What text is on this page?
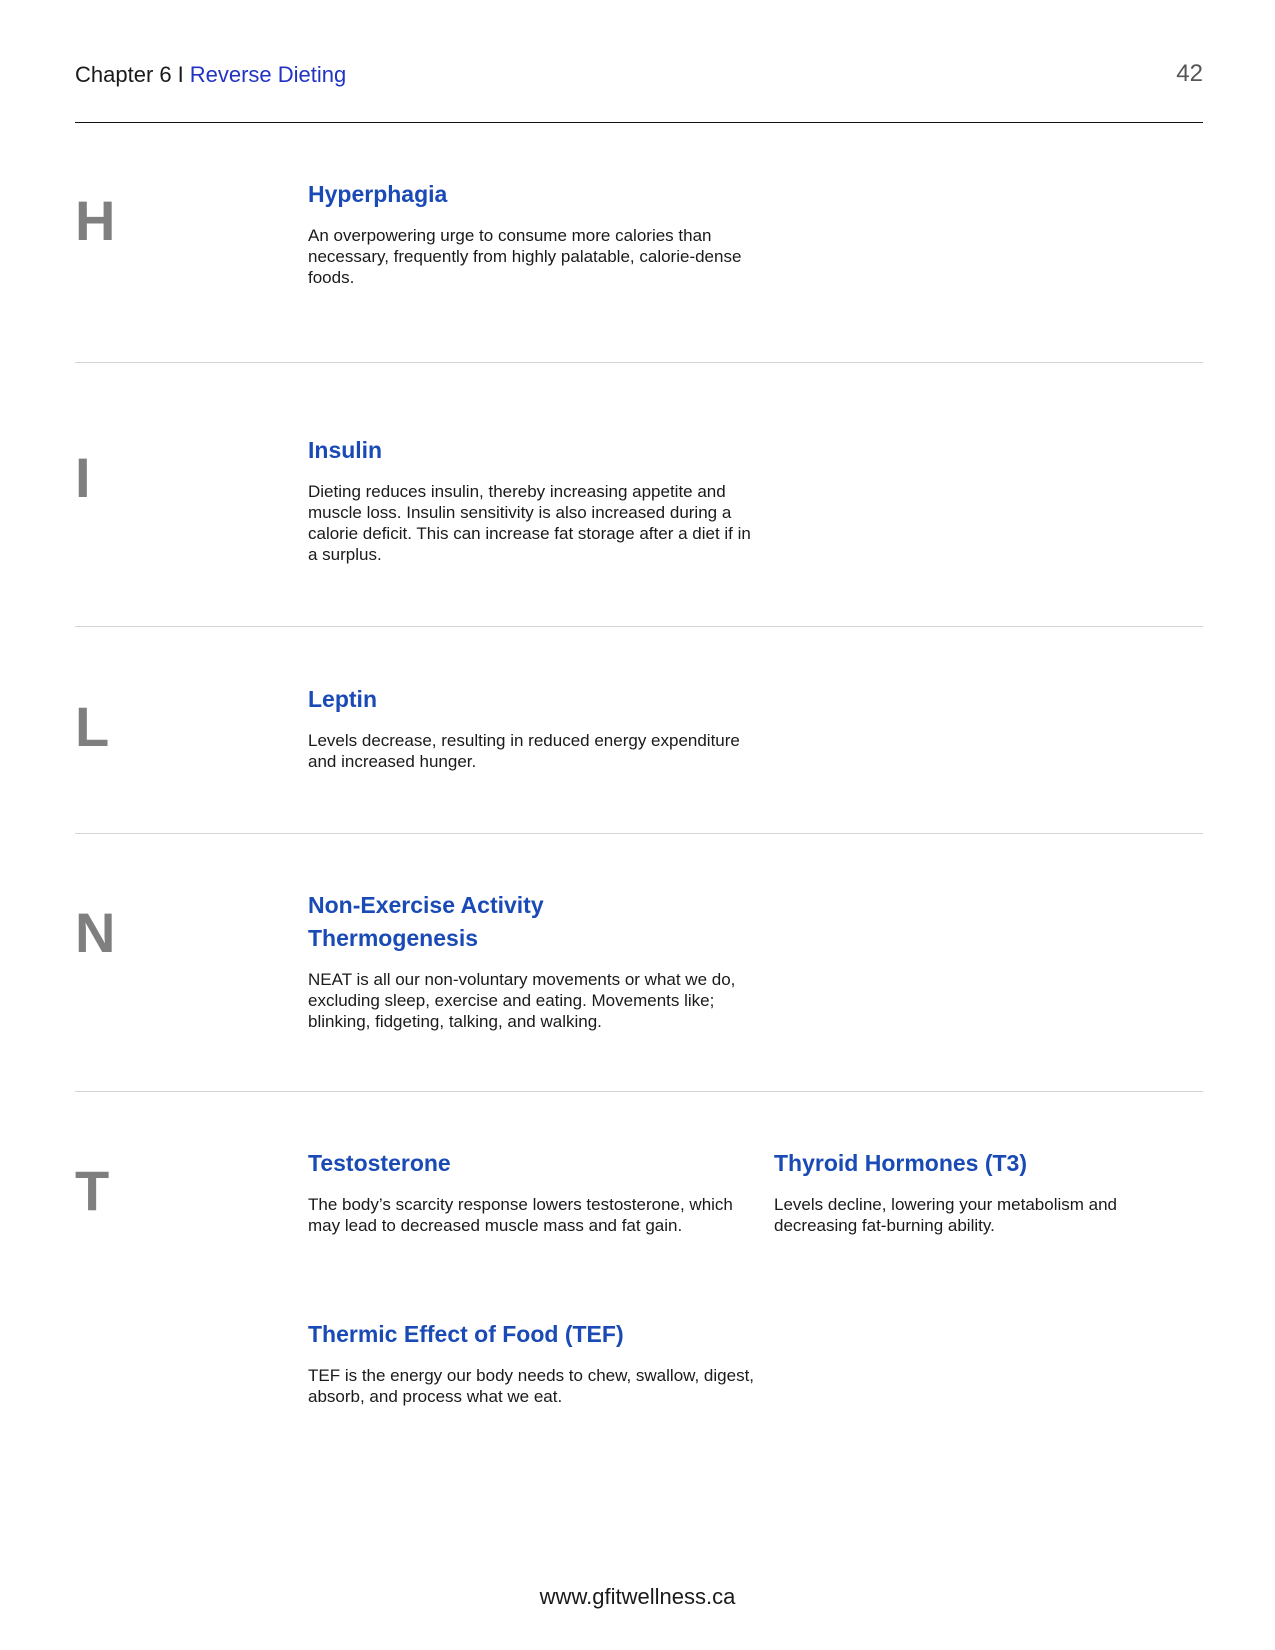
Chapter 6 I Reverse Dieting	42
H	Hyperphagia

An overpowering urge to consume more calories than necessary, frequently from highly palatable, calorie-dense foods.

I	Insulin

Dieting reduces insulin, thereby increasing appetite and muscle loss. Insulin sensitivity is also increased during a calorie deficit. This can increase fat storage after a diet if in a surplus.

L	Leptin

Levels decrease, resulting in reduced energy expenditure and increased hunger.

N	Non-Exercise Activity Thermogenesis

NEAT is all our non-voluntary movements or what we do, excluding sleep, exercise and eating. Movements like; blinking, fidgeting, talking, and walking.

T	Testosterone

The body’s scarcity response lowers testosterone, which may lead to decreased muscle mass and fat gain.

Thyroid Hormones (T3)

Levels decline, lowering your metabolism and decreasing fat-burning ability.

Thermic Effect of Food (TEF)

TEF is the energy our body needs to chew, swallow, digest, absorb, and process what we eat.

www.gfitwellness.ca
